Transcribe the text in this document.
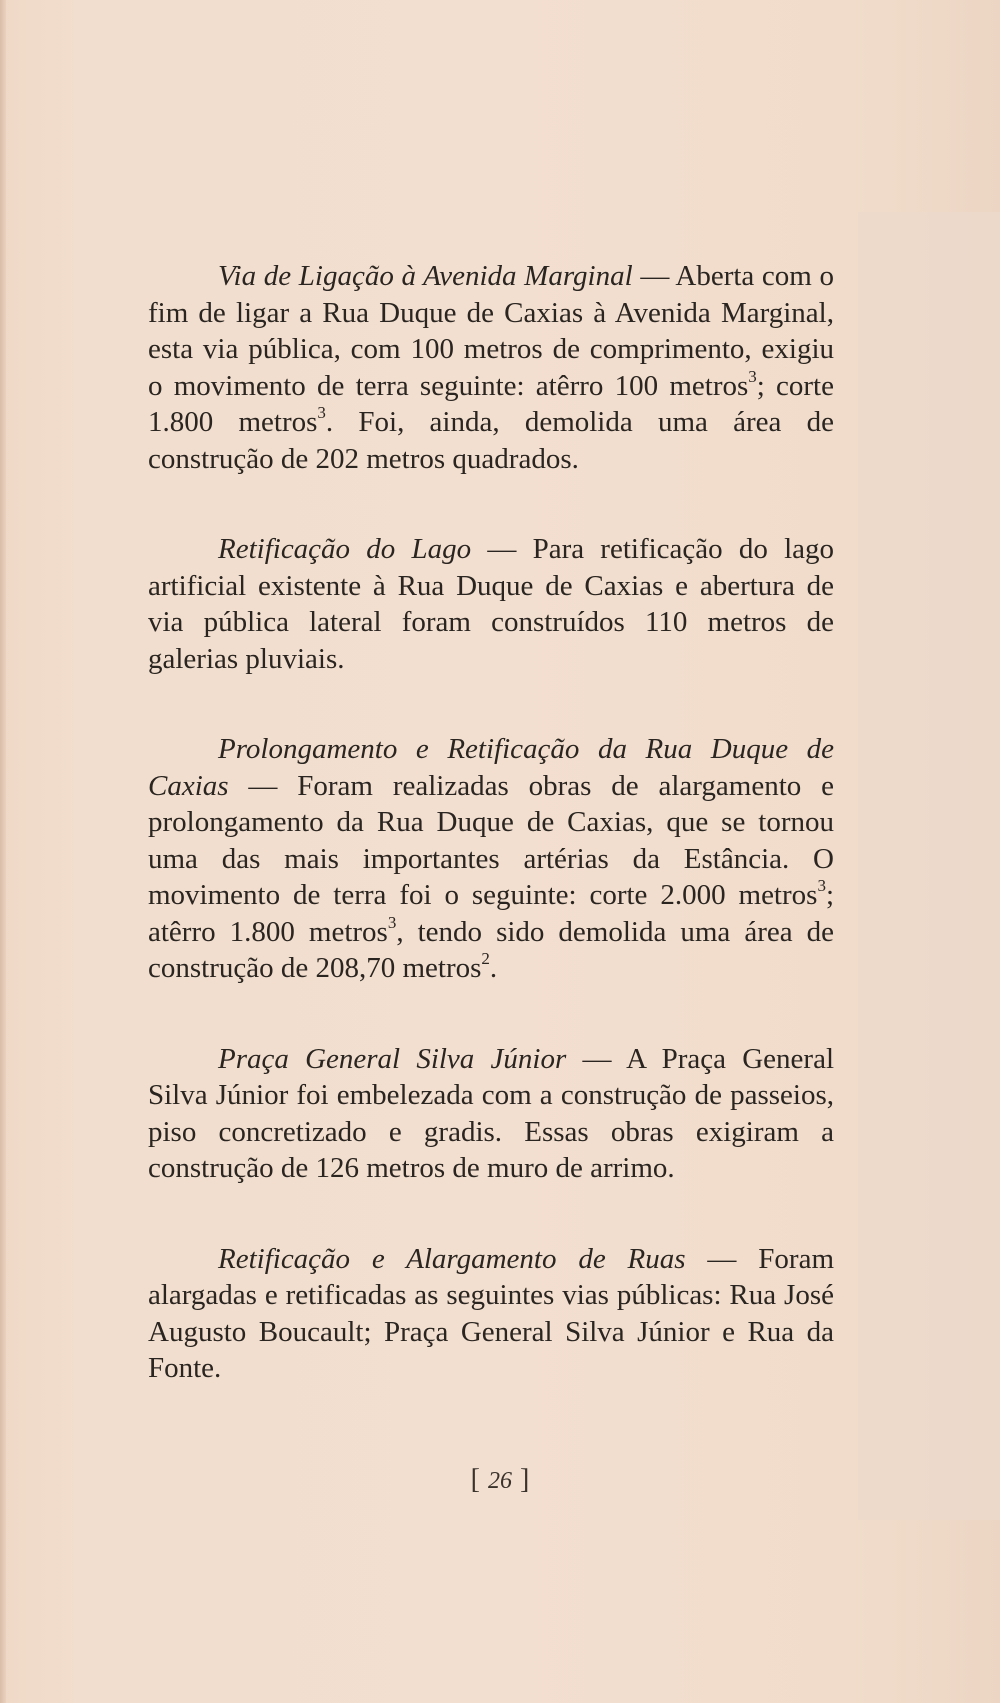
Via de Ligação à Avenida Marginal — Aberta com o fim de ligar a Rua Duque de Caxias à Avenida Marginal, esta via pública, com 100 metros de comprimento, exigiu o movimento de terra seguinte: atêrro 100 metros$^3$; corte 1.800 metros$^3$. Foi, ainda, demolida uma área de construção de 202 metros quadrados.

Retificação do Lago — Para retificação do lago artificial existente à Rua Duque de Caxias e abertura de via pública lateral foram construídos 110 metros de galerias pluviais.

Prolongamento e Retificação da Rua Duque de Caxias — Foram realizadas obras de alargamento e prolongamento da Rua Duque de Caxias, que se tornou uma das mais importantes artérias da Estância. O movimento de terra foi o seguinte: corte 2.000 metros$^3$; atêrro 1.800 metros$^3$, tendo sido demolida uma área de construção de 208,70 metros$^2$.

Praça General Silva Júnior — A Praça General Silva Júnior foi embelezada com a construção de passeios, piso concretizado e gradis. Essas obras exigiram a construção de 126 metros de muro de arrimo.

Retificação e Alargamento de Ruas — Foram alargadas e retificadas as seguintes vias públicas: Rua José Augusto Boucault; Praça General Silva Júnior e Rua da Fonte.

[ 26 ]
